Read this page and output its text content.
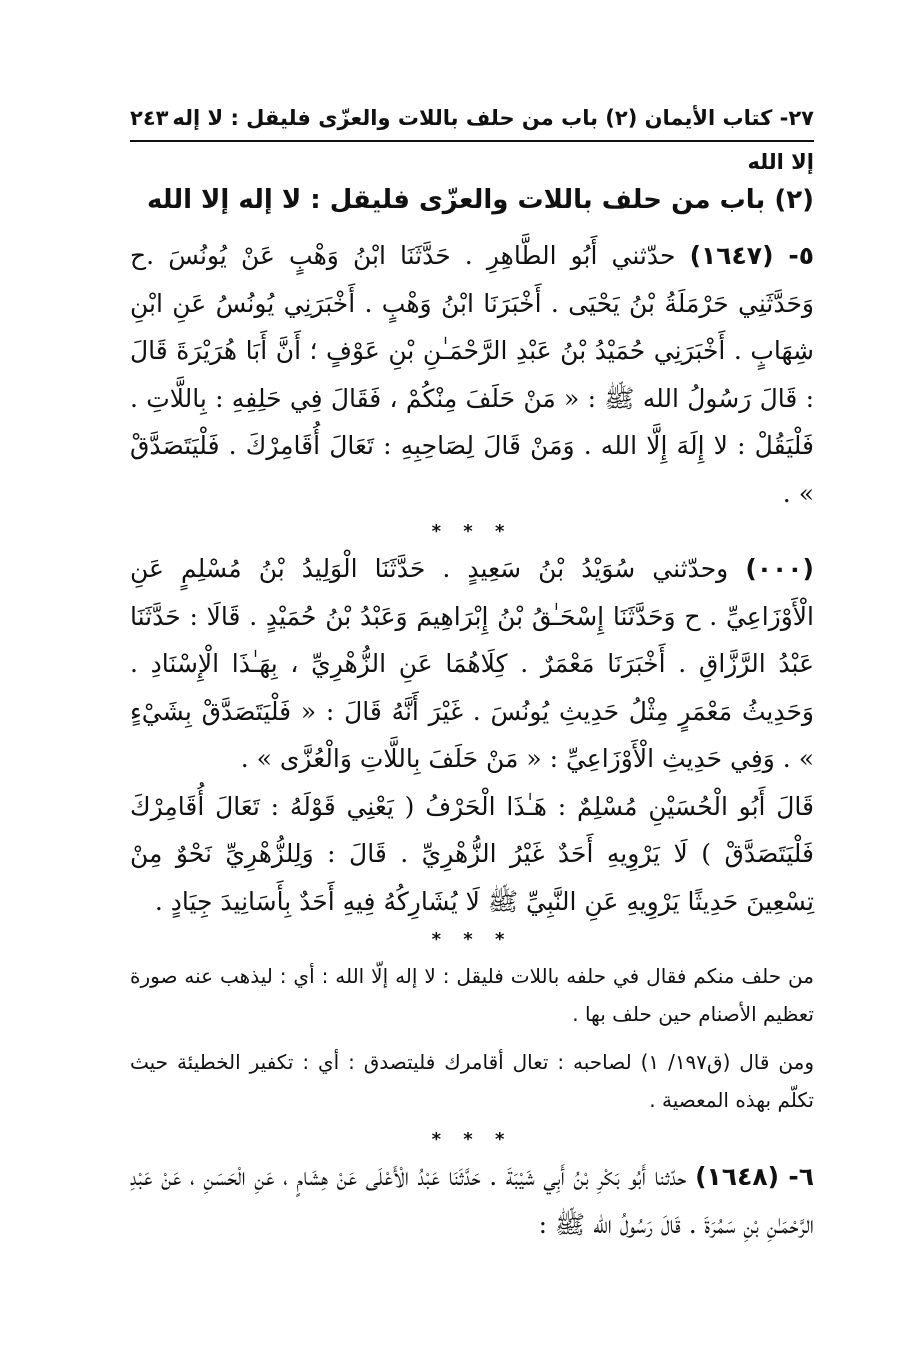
٢٧- كتاب الأيمان (٢) باب من حلف باللات والعزّى فليقل : لا إله إلا الله
٢٤٣
(٢) باب من حلف باللات والعزّى فليقل : لا إله إلا الله

٥- (١٦٤٧) حدّثني أَبُو الطَّاهِرِ . حَدَّثَنَا ابْنُ وَهْبٍ عَنْ يُونُسَ .ح وَحَدَّثَنِي حَرْمَلَةُ بْنُ يَحْيَى . أَخْبَرَنَا ابْنُ وَهْبٍ . أَخْبَرَنِي يُونُسُ عَنِ ابْنِ شِهَابٍ . أَخْبَرَنِي حُمَيْدُ بْنُ عَبْدِ الرَّحْمَـٰنِ بْنِ عَوْفٍ ؛ أَنَّ أَبَا هُرَيْرَةَ قَالَ : قَالَ رَسُولُ الله ﷺ : « مَنْ حَلَفَ مِنْكُمْ ، فَقَالَ فِي حَلِفِهِ : بِاللَّاتِ . فَلْيَقُلْ : لا إِلَهَ إِلَّا الله . وَمَنْ قَالَ لِصَاحِبِهِ : تَعَالَ أُقَامِرْكَ . فَلْيَتَصَدَّقْ » .

* * *

(٠٠٠) وحدّثني سُوَيْدُ بْنُ سَعِيدٍ . حَدَّثَنَا الْوَلِيدُ بْنُ مُسْلِمٍ عَنِ الْأَوْزَاعِيِّ . ح وَحَدَّثَنَا إِسْحَـٰقُ بْنُ إِبْرَاهِيمَ وَعَبْدُ بْنُ حُمَيْدٍ . قَالَا : حَدَّثَنَا عَبْدُ الرَّزَّاقِ . أَخْبَرَنَا مَعْمَرٌ . كِلَاهُمَا عَنِ الزُّهْرِيِّ ، بِهَـٰذَا الْإِسْنَادِ . وَحَدِيثُ مَعْمَرٍ مِثْلُ حَدِيثِ يُونُسَ . غَيْرَ أَنَّهُ قَالَ : « فَلْيَتَصَدَّقْ بِشَيْءٍ » . وَفِي حَدِيثِ الْأَوْزَاعِيِّ : « مَنْ حَلَفَ بِاللَّاتِ وَالْعُزَّى » .

قَالَ أَبُو الْحُسَيْنِ مُسْلِمٌ : هَـٰذَا الْحَرْفُ ( يَعْنِي قَوْلَهُ : تَعَالَ أُقَامِرْكَ فَلْيَتَصَدَّقْ ) لَا يَرْوِيهِ أَحَدٌ غَيْرُ الزُّهْرِيِّ . قَالَ : وَلِلزُّهْرِيِّ نَحْوٌ مِنْ تِسْعِينَ حَدِيثًا يَرْوِيهِ عَنِ النَّبِيِّ ﷺ لَا يُشَارِكُهُ فِيهِ أَحَدٌ بِأَسَانِيدَ جِيَادٍ .

* * *

من حلف منكم فقال في حلفه باللات فليقل : لا إله إلّا الله : أي : ليذهب عنه صورة تعظيم الأصنام حين حلف بها .

ومن قال (ق١٩٧/ ١) لصاحبه : تعال أقامرك فليتصدق : أي : تكفير الخطيئة حيث تكلّم بهذه المعصية .

* * *

٦- (١٦٤٨) حدّثنا أَبُو بَكْرِ بْنُ أَبِي شَيْبَةَ . حَدَّثَنَا عَبْدُ الْأَعْلَى عَنْ هِشَامٍ ، عَنِ الْحَسَنِ ، عَنْ عَبْدِ الرَّحْمَـٰنِ بْنِ سَمُرَةَ . قَالَ رَسُولُ الله ﷺ :
